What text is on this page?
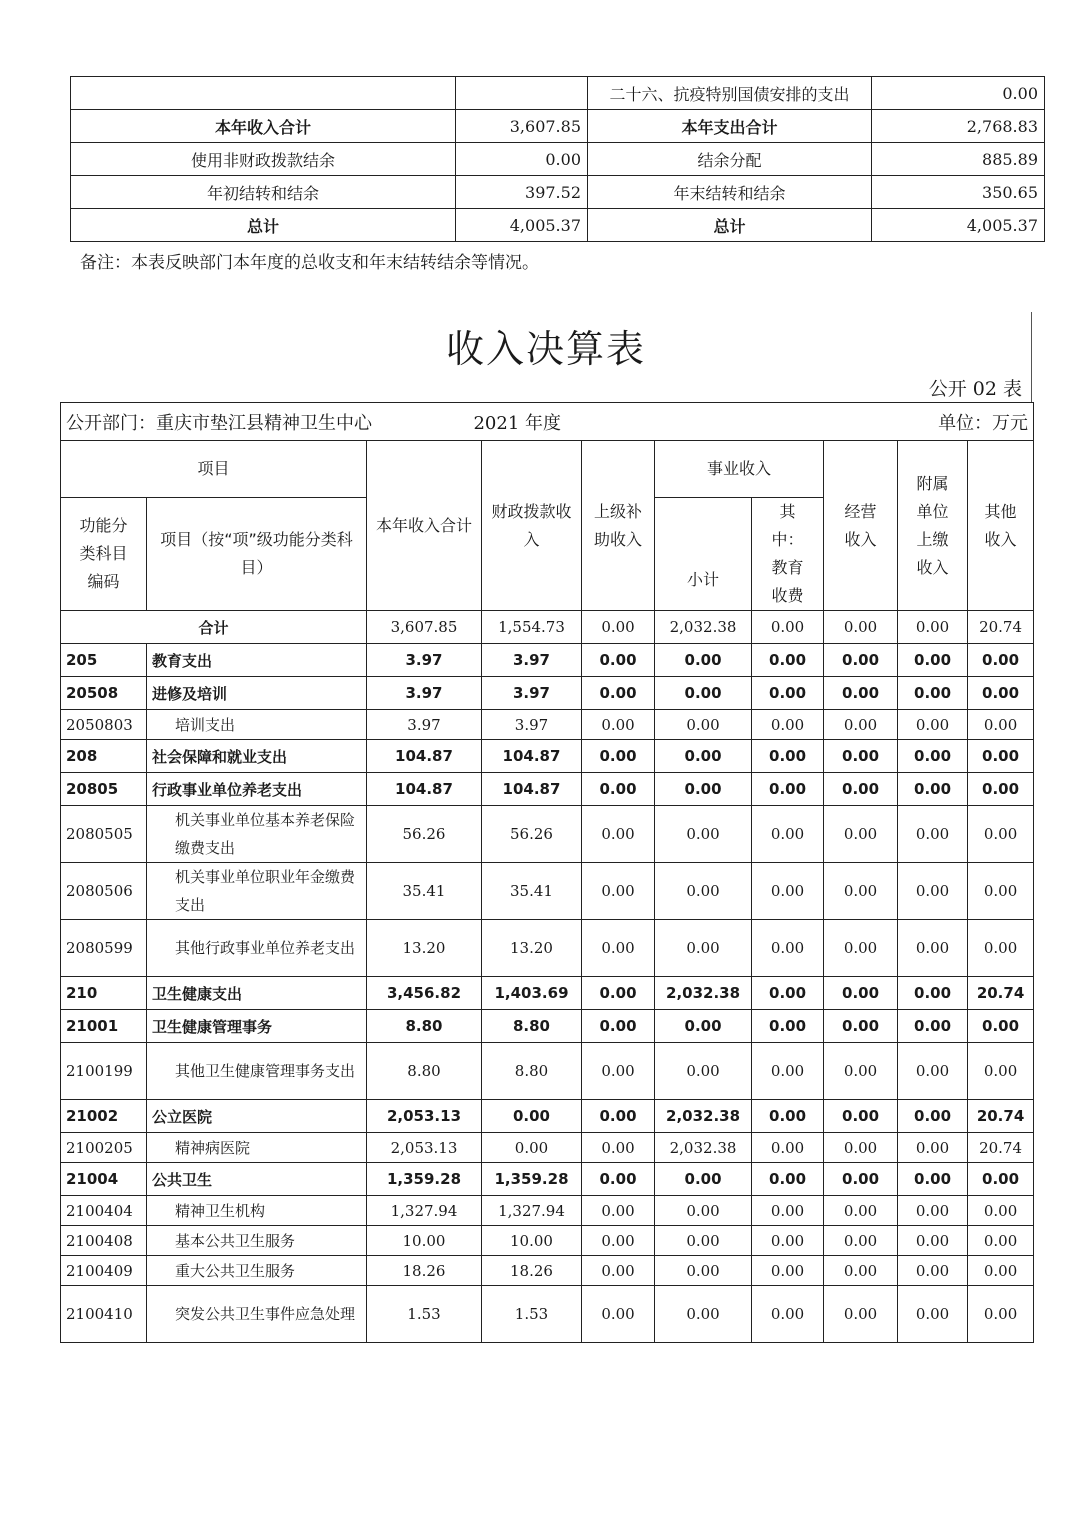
		二十六、抗疫特别国债安排的支出	0.00
本年收入合计	3,607.85	本年支出合计	2,768.83
使用非财政拨款结余	0.00	结余分配	885.89
年初结转和结余	397.52	年末结转和结余	350.65
总计	4,005.37	总计	4,005.37
备注：本表反映部门本年度的总收支和年末结转结余等情况。
收入决算表
公开 02 表
公开部门：重庆市垫江县精神卫生中心 2021 年度					单位：万元				
项目		本年收入合计	财政拨款收入	上级补助收入	事业收入		经营收入	附属单位上缴收入	其他收入
功能分类科目编码	项目（按“项”级功能分类科目）				小计	其中：教育收费			
合计		3,607.85	1,554.73	0.00	2,032.38	0.00	0.00	0.00	20.74
205	教育支出	3.97	3.97	0.00	0.00	0.00	0.00	0.00	0.00
20508	进修及培训	3.97	3.97	0.00	0.00	0.00	0.00	0.00	0.00
2050803	培训支出	3.97	3.97	0.00	0.00	0.00	0.00	0.00	0.00
208	社会保障和就业支出	104.87	104.87	0.00	0.00	0.00	0.00	0.00	0.00
20805	行政事业单位养老支出	104.87	104.87	0.00	0.00	0.00	0.00	0.00	0.00
2080505	机关事业单位基本养老保险缴费支出	56.26	56.26	0.00	0.00	0.00	0.00	0.00	0.00
2080506	机关事业单位职业年金缴费支出	35.41	35.41	0.00	0.00	0.00	0.00	0.00	0.00
2080599	其他行政事业单位养老支出	13.20	13.20	0.00	0.00	0.00	0.00	0.00	0.00
210	卫生健康支出	3,456.82	1,403.69	0.00	2,032.38	0.00	0.00	0.00	20.74
21001	卫生健康管理事务	8.80	8.80	0.00	0.00	0.00	0.00	0.00	0.00
2100199	其他卫生健康管理事务支出	8.80	8.80	0.00	0.00	0.00	0.00	0.00	0.00
21002	公立医院	2,053.13	0.00	0.00	2,032.38	0.00	0.00	0.00	20.74
2100205	精神病医院	2,053.13	0.00	0.00	2,032.38	0.00	0.00	0.00	20.74
21004	公共卫生	1,359.28	1,359.28	0.00	0.00	0.00	0.00	0.00	0.00
2100404	精神卫生机构	1,327.94	1,327.94	0.00	0.00	0.00	0.00	0.00	0.00
2100408	基本公共卫生服务	10.00	10.00	0.00	0.00	0.00	0.00	0.00	0.00
2100409	重大公共卫生服务	18.26	18.26	0.00	0.00	0.00	0.00	0.00	0.00
2100410	突发公共卫生事件应急处理	1.53	1.53	0.00	0.00	0.00	0.00	0.00	0.00
